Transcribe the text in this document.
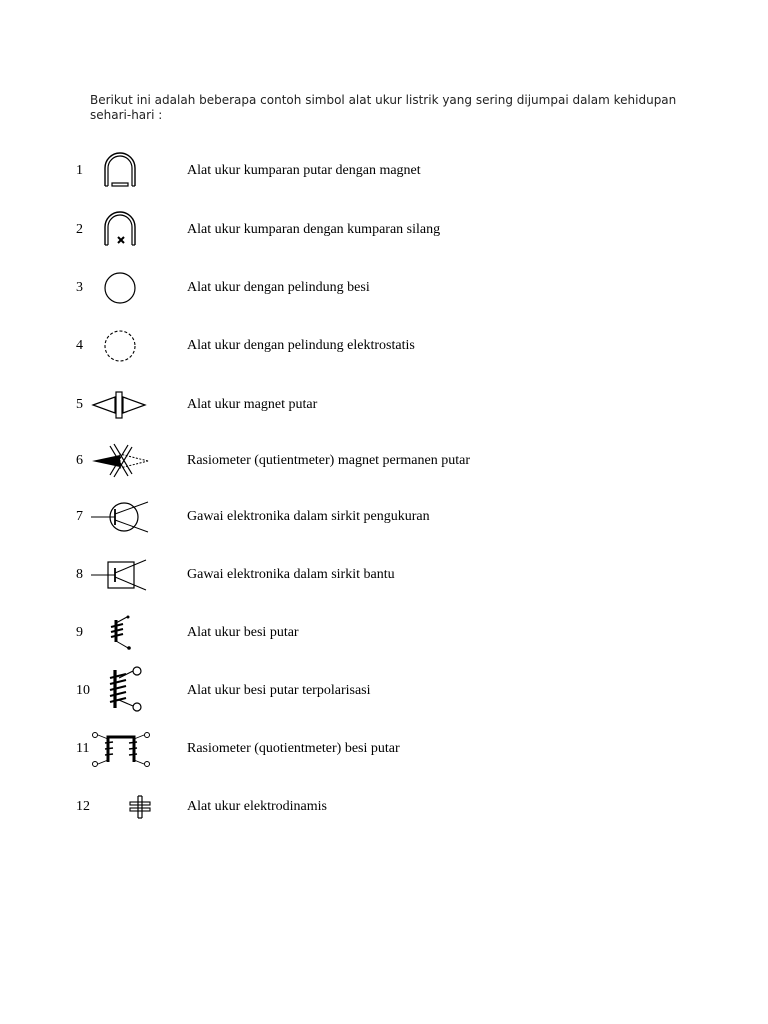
Berikut ini adalah beberapa contoh simbol alat ukur listrik yang sering dijumpai dalam kehidupan sehari-hari :
1	Alat ukur kumparan putar dengan magnet
2	Alat ukur kumparan dengan kumparan silang
3	Alat ukur dengan pelindung besi
4	Alat ukur dengan pelindung elektrostatis
5	Alat ukur magnet putar
6	Rasiometer (qutientmeter) magnet permanen putar
7	Gawai elektronika dalam sirkit pengukuran
8	Gawai elektronika dalam sirkit bantu
9	Alat ukur besi putar
10	Alat ukur besi putar terpolarisasi
11	Rasiometer (quotientmeter) besi putar
12	Alat ukur elektrodinamis
